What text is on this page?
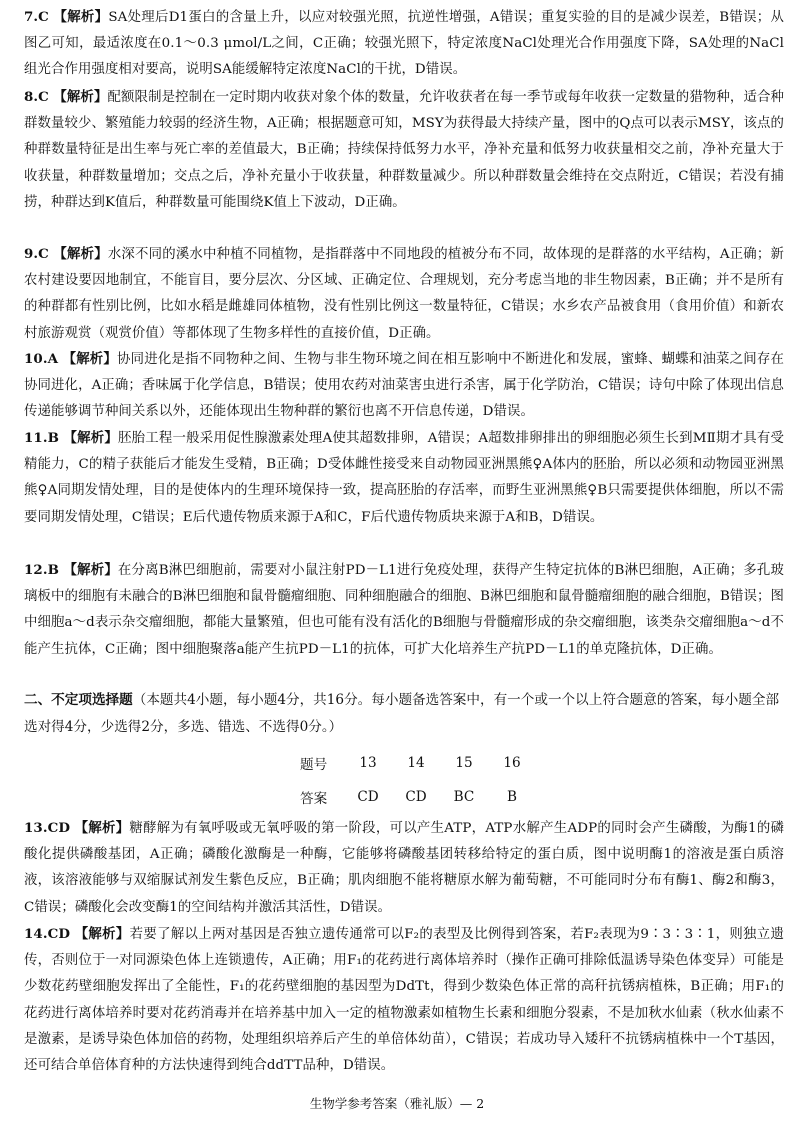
7.C 【解析】SA处理后D1蛋白的含量上升，以应对较强光照，抗逆性增强，A错误；重复实验的目的是减少误差，B错误；从图乙可知，最适浓度在0.1～0.3 μmol/L之间，C正确；较强光照下，特定浓度NaCl处理光合作用强度下降，SA处理的NaCl组光合作用强度相对要高，说明SA能缓解特定浓度NaCl的干扰，D错误。
8.C 【解析】配额限制是控制在一定时期内收获对象个体的数量，允许收获者在每一季节或每年收获一定数量的猎物种，适合种群数量较少、繁殖能力较弱的经济生物，A正确；根据题意可知，MSY为获得最大持续产量，图中的Q点可以表示MSY，该点的种群数量特征是出生率与死亡率的差值最大，B正确；持续保持低努力水平，净补充量和低努力收获量相交之前，净补充量大于收获量，种群数量增加；交点之后，净补充量小于收获量，种群数量减少。所以种群数量会维持在交点附近，C错误；若没有捕捞，种群达到K值后，种群数量可能围绕K值上下波动，D正确。
9.C 【解析】水深不同的溪水中种植不同植物，是指群落中不同地段的植被分布不同，故体现的是群落的水平结构，A正确；新农村建设要因地制宜，不能盲目，要分层次、分区域、正确定位、合理规划，充分考虑当地的非生物因素，B正确；并不是所有的种群都有性别比例，比如水稻是雌雄同体植物，没有性别比例这一数量特征，C错误；水乡农产品被食用（食用价值）和新农村旅游观赏（观赏价值）等都体现了生物多样性的直接价值，D正确。
10.A 【解析】协同进化是指不同物种之间、生物与非生物环境之间在相互影响中不断进化和发展，蜜蜂、蝴蝶和油菜之间存在协同进化，A正确；香味属于化学信息，B错误；使用农药对油菜害虫进行杀害，属于化学防治，C错误；诗句中除了体现出信息传递能够调节种间关系以外，还能体现出生物种群的繁衍也离不开信息传递，D错误。
11.B 【解析】胚胎工程一般采用促性腺激素处理A使其超数排卵，A错误；A超数排卵排出的卵细胞必须生长到MⅡ期才具有受精能力，C的精子获能后才能发生受精，B正确；D受体雌性接受来自动物园亚洲黑熊♀A体内的胚胎，所以必须和动物园亚洲黑熊♀A同期发情处理，目的是使体内的生理环境保持一致，提高胚胎的存活率，而野生亚洲黑熊♀B只需要提供体细胞，所以不需要同期发情处理，C错误；E后代遗传物质来源于A和C，F后代遗传物质块来源于A和B，D错误。
12.B 【解析】在分离B淋巴细胞前，需要对小鼠注射PD－L1进行免疫处理，获得产生特定抗体的B淋巴细胞，A正确；多孔玻璃板中的细胞有未融合的B淋巴细胞和鼠骨髓瘤细胞、同种细胞融合的细胞、B淋巴细胞和鼠骨髓瘤细胞的融合细胞，B错误；图中细胞a～d表示杂交瘤细胞，都能大量繁殖，但也可能有没有活化的B细胞与骨髓瘤形成的杂交瘤细胞，该类杂交瘤细胞a～d不能产生抗体，C正确；图中细胞聚落a能产生抗PD－L1的抗体，可扩大化培养生产抗PD－L1的单克隆抗体，D正确。
二、不定项选择题（本题共4小题，每小题4分，共16分。每小题备选答案中，有一个或一个以上符合题意的答案，每小题全部选对得4分，少选得2分，多选、错选、不选得0分。）
题号	13	14	15	16
答案	CD	CD	BC	B
13.CD 【解析】糖酵解为有氧呼吸或无氧呼吸的第一阶段，可以产生ATP，ATP水解产生ADP的同时会产生磷酸，为酶1的磷酸化提供磷酸基团，A正确；磷酸化激酶是一种酶，它能够将磷酸基团转移给特定的蛋白质，图中说明酶1的溶液是蛋白质溶液，该溶液能够与双缩脲试剂发生紫色反应，B正确；肌肉细胞不能将糖原水解为葡萄糖，不可能同时分布有酶1、酶2和酶3，C错误；磷酸化会改变酶1的空间结构并激活其活性，D错误。
14.CD 【解析】若要了解以上两对基因是否独立遗传通常可以F₂的表型及比例得到答案，若F₂表现为9∶3∶3∶1，则独立遗传，否则位于一对同源染色体上连锁遗传，A正确；用F₁的花药进行离体培养时（操作正确可排除低温诱导染色体变异）可能是少数花药壁细胞发挥出了全能性，F₁的花药壁细胞的基因型为DdTt，得到少数染色体正常的高秆抗锈病植株，B正确；用F₁的花药进行离体培养时要对花药消毒并在培养基中加入一定的植物激素如植物生长素和细胞分裂素，不是加秋水仙素（秋水仙素不是激素，是诱导染色体加倍的药物，处理组织培养后产生的单倍体幼苗），C错误；若成功导入矮秆不抗锈病植株中一个T基因，还可结合单倍体育种的方法快速得到纯合ddTT品种，D错误。
生物学参考答案（雅礼版）— 2
